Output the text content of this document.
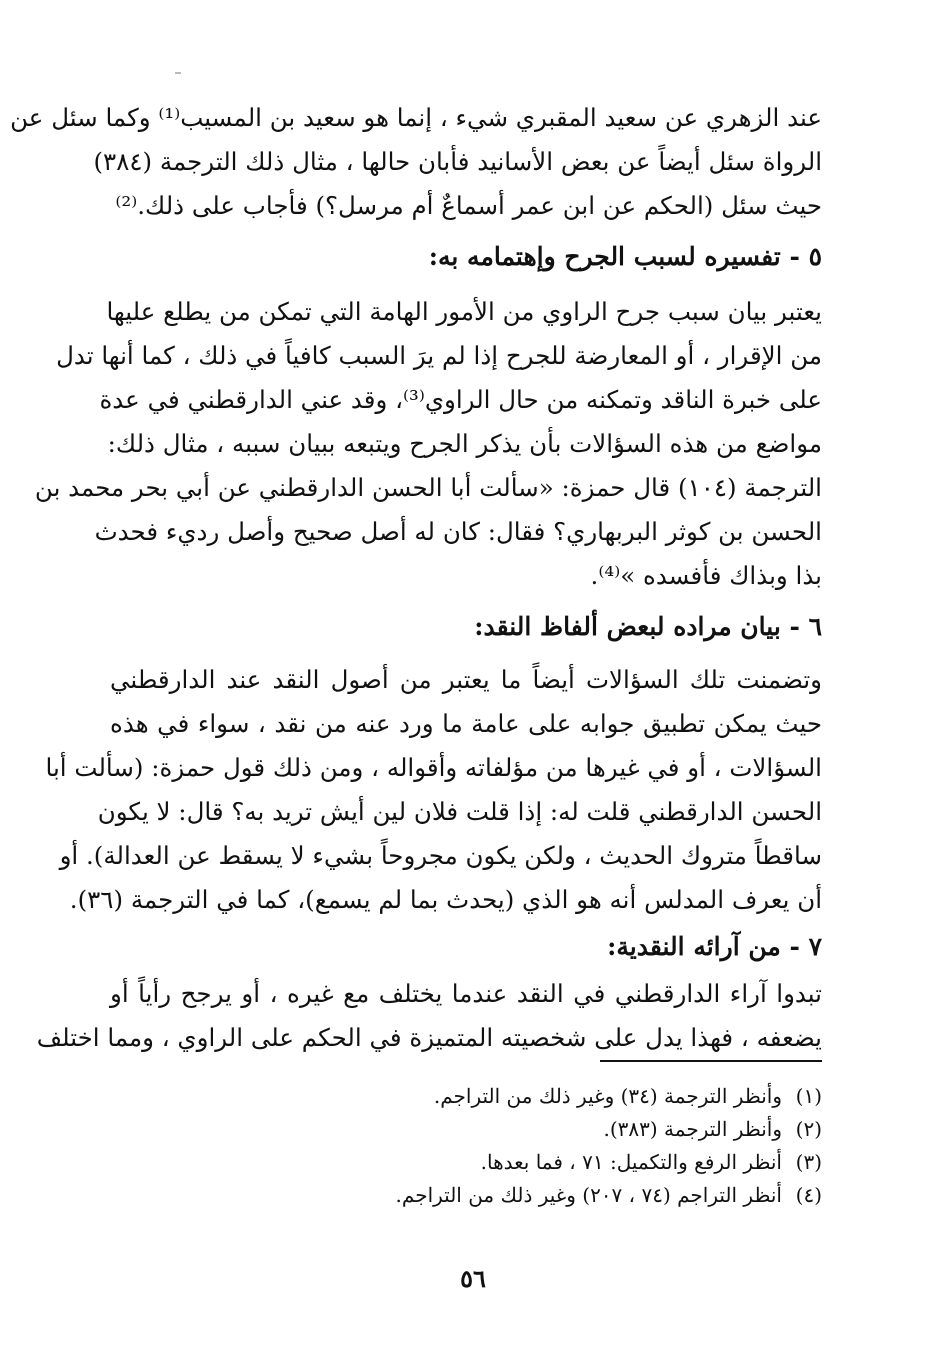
عند الزهري عن سعيد المقبري شيء ، إنما هو سعيد بن المسيب⁽¹⁾ وكما سئل عن
الرواة سئل أيضاً عن بعض الأسانيد فأبان حالها ، مثال ذلك الترجمة (٣٨٤)
حيث سئل (الحكم عن ابن عمر أسماعٌ أم مرسل؟) فأجاب على ذلك.⁽²⁾
٥ - تفسيره لسبب الجرح وإهتمامه به:
يعتبر بيان سبب جرح الراوي من الأمور الهامة التي تمكن من يطلع عليها
من الإقرار ، أو المعارضة للجرح إذا لم يرَ السبب كافياً في ذلك ، كما أنها تدل
على خبرة الناقد وتمكنه من حال الراوي⁽³⁾، وقد عني الدارقطني في عدة
مواضع من هذه السؤالات بأن يذكر الجرح ويتبعه ببيان سببه ، مثال ذلك:
الترجمة (١٠٤) قال حمزة: «سألت أبا الحسن الدارقطني عن أبي بحر محمد بن
الحسن بن كوثر البربهاري؟ فقال: كان له أصل صحيح وأصل رديء فحدث
بذا وبذاك فأفسده »⁽⁴⁾.
٦ - بيان مراده لبعض ألفاظ النقد:
وتضمنت تلك السؤالات أيضاً ما يعتبر من أصول النقد عند الدارقطني
حيث يمكن تطبيق جوابه على عامة ما ورد عنه من نقد ، سواء في هذه
السؤالات ، أو في غيرها من مؤلفاته وأقواله ، ومن ذلك قول حمزة: (سألت أبا
الحسن الدارقطني قلت له: إذا قلت فلان لين أيش تريد به؟ قال: لا يكون
ساقطاً متروك الحديث ، ولكن يكون مجروحاً بشيء لا يسقط عن العدالة). أو
أن يعرف المدلس أنه هو الذي (يحدث بما لم يسمع)، كما في الترجمة (٣٦).
٧ - من آرائه النقدية:
تبدوا آراء الدارقطني في النقد عندما يختلف مع غيره ، أو يرجح رأياً أو
يضعفه ، فهذا يدل على شخصيته المتميزة في الحكم على الراوي ، ومما اختلف
(١)
وأنظر الترجمة (٣٤) وغير ذلك من التراجم.
(٢)
وأنظر الترجمة (٣٨٣).
(٣)
أنظر الرفع والتكميل: ٧١ ، فما بعدها.
(٤)
أنظر التراجم (٧٤ ، ٢٠٧) وغير ذلك من التراجم.
٥٦
